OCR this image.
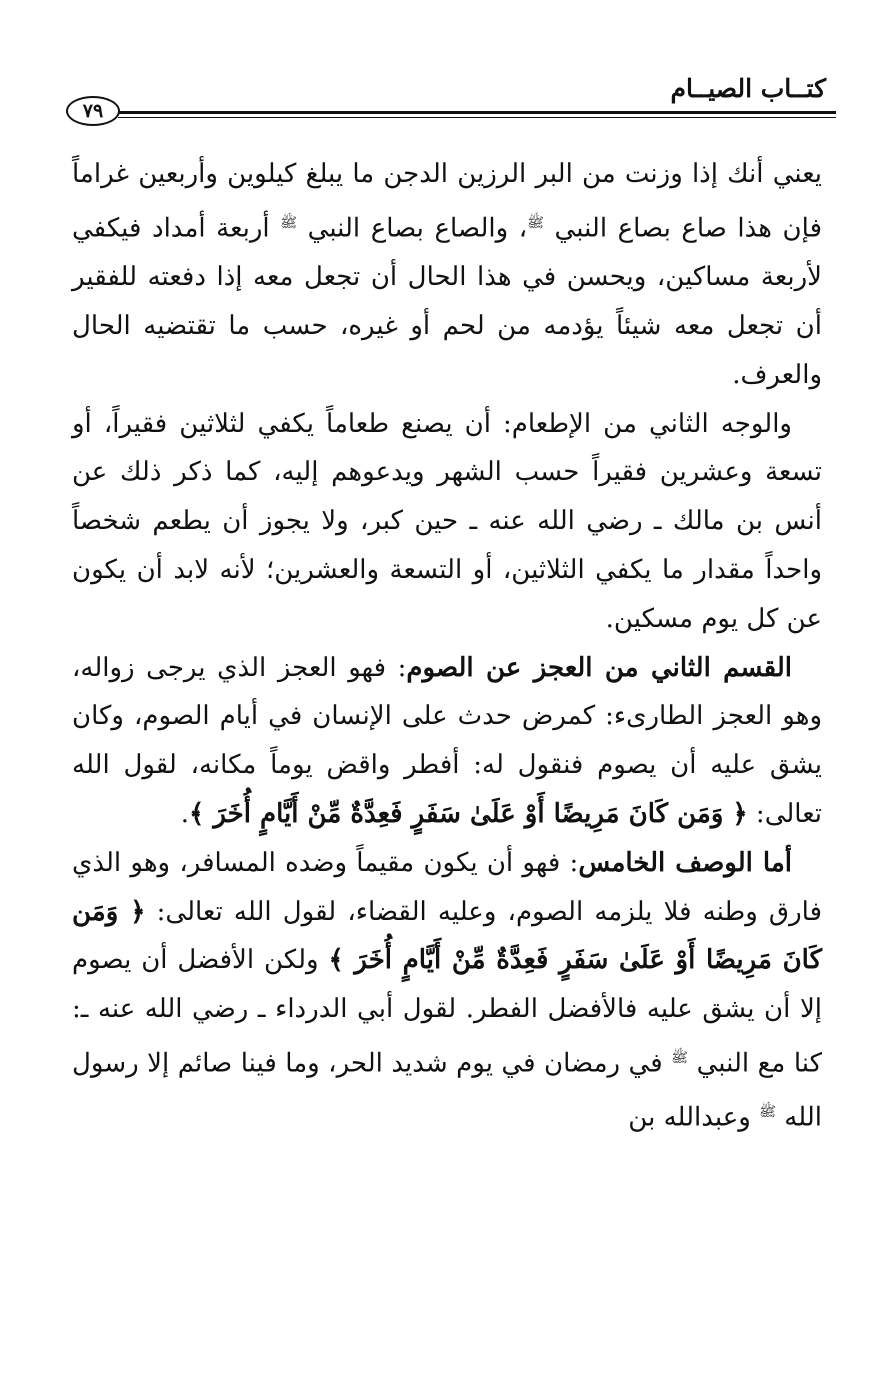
كتــاب الصيــام
٧٩

يعني أنك إذا وزنت من البر الرزين الدجن ما يبلغ كيلوين وأربعين غراماً فإن هذا صاع بصاع النبي $^ﷺ$، والصاع بصاع النبي $^ﷺ$ أربعة أمداد فيكفي لأربعة مساكين، ويحسن في هذا الحال أن تجعل معه إذا دفعته للفقير أن تجعل معه شيئاً يؤدمه من لحم أو غيره، حسب ما تقتضيه الحال والعرف.

والوجه الثاني من الإطعام: أن يصنع طعاماً يكفي لثلاثين فقيراً، أو تسعة وعشرين فقيراً حسب الشهر ويدعوهم إليه، كما ذكر ذلك عن أنس بن مالك ـ رضي الله عنه ـ حين كبر، ولا يجوز أن يطعم شخصاً واحداً مقدار ما يكفي الثلاثين، أو التسعة والعشرين؛ لأنه لابد أن يكون عن كل يوم مسكين.

القسم الثاني من العجز عن الصوم: فهو العجز الذي يرجى زواله، وهو العجز الطارىء: كمرض حدث على الإنسان في أيام الصوم، وكان يشق عليه أن يصوم فنقول له: أفطر واقض يوماً مكانه، لقول الله تعالى: ﴿ وَمَن كَانَ مَرِيضًا أَوْ عَلَىٰ سَفَرٍ فَعِدَّةٌ مِّنْ أَيَّامٍ أُخَرَ ﴾.

أما الوصف الخامس: فهو أن يكون مقيماً وضده المسافر، وهو الذي فارق وطنه فلا يلزمه الصوم، وعليه القضاء، لقول الله تعالى: ﴿ وَمَن كَانَ مَرِيضًا أَوْ عَلَىٰ سَفَرٍ فَعِدَّةٌ مِّنْ أَيَّامٍ أُخَرَ ﴾ ولكن الأفضل أن يصوم إلا أن يشق عليه فالأفضل الفطر. لقول أبي الدرداء ـ رضي الله عنه ـ: كنا مع النبي $^ﷺ$ في رمضان في يوم شديد الحر، وما فينا صائم إلا رسول الله $^ﷺ$ وعبدالله بن
